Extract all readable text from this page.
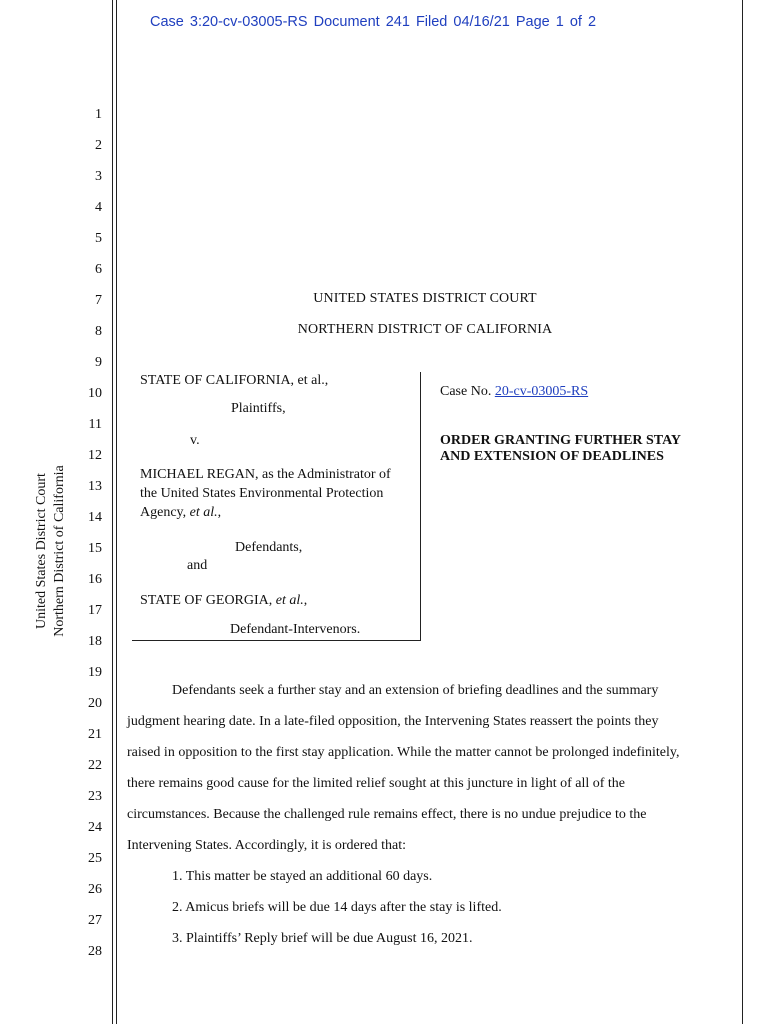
Case 3:20-cv-03005-RS Document 241 Filed 04/16/21 Page 1 of 2
1
2
3
4
5
6
7
8
9
10
11
12
13
14
15
16
17
18
19
20
21
22
23
24
25
26
27
28
United States District Court Northern District of California
UNITED STATES DISTRICT COURT
NORTHERN DISTRICT OF CALIFORNIA
STATE OF CALIFORNIA, et al.,
Plaintiffs,
v.
MICHAEL REGAN, as the Administrator of
the United States Environmental Protection
Agency, et al.,
Defendants,
and
STATE OF GEORGIA, et al.,
Defendant-Intervenors.
Case No. 20-cv-03005-RS
ORDER GRANTING FURTHER STAY
AND EXTENSION OF DEADLINES
Defendants seek a further stay and an extension of briefing deadlines and the summary
judgment hearing date. In a late-filed opposition, the Intervening States reassert the points they
raised in opposition to the first stay application. While the matter cannot be prolonged indefinitely,
there remains good cause for the limited relief sought at this juncture in light of all of the
circumstances. Because the challenged rule remains effect, there is no undue prejudice to the
Intervening States. Accordingly, it is ordered that:
1. This matter be stayed an additional 60 days.
2. Amicus briefs will be due 14 days after the stay is lifted.
3. Plaintiffs’ Reply brief will be due August 16, 2021.
